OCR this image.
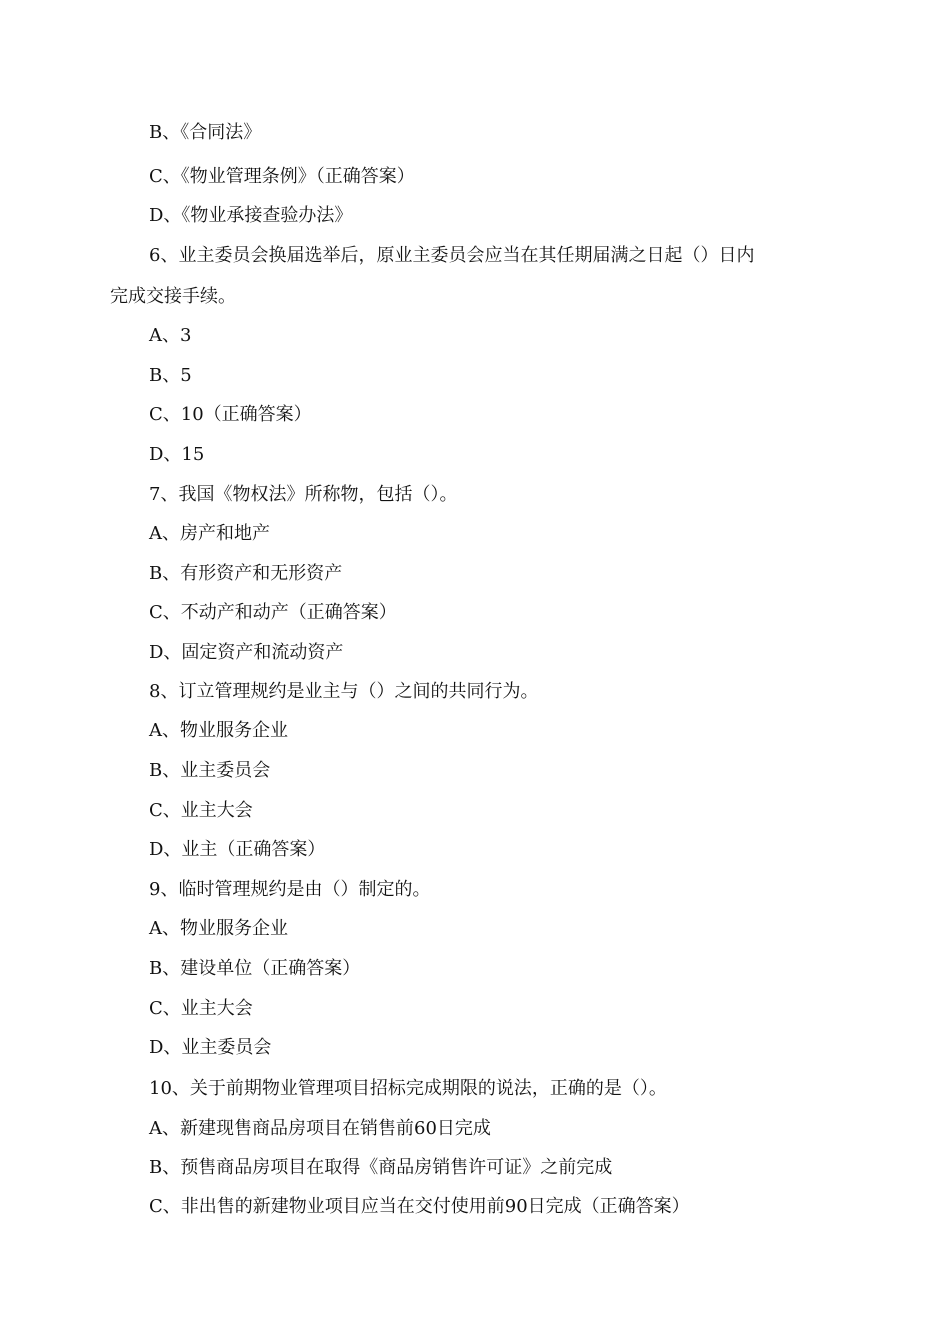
B、《合同法》
C、《物业管理条例》（正确答案）
D、《物业承接查验办法》
6、业主委员会换届选举后，原业主委员会应当在其任期届满之日起（）日内
完成交接手续。
A、3
B、5
C、10（正确答案）
D、15
7、我国《物权法》所称物，包括（）。
A、房产和地产
B、有形资产和无形资产
C、不动产和动产（正确答案）
D、固定资产和流动资产
8、订立管理规约是业主与（）之间的共同行为。
A、物业服务企业
B、业主委员会
C、业主大会
D、业主（正确答案）
9、临时管理规约是由（）制定的。
A、物业服务企业
B、建设单位（正确答案）
C、业主大会
D、业主委员会
10、关于前期物业管理项目招标完成期限的说法，正确的是（）。
A、新建现售商品房项目在销售前60日完成
B、预售商品房项目在取得《商品房销售许可证》之前完成
C、非出售的新建物业项目应当在交付使用前90日完成（正确答案）
